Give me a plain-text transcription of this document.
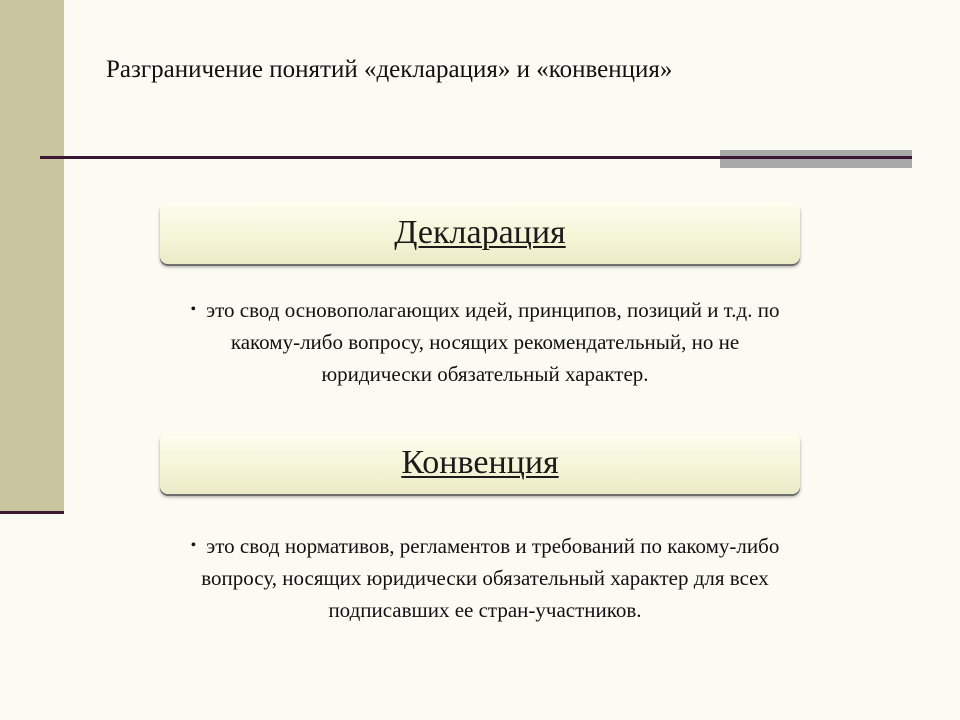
Разграничение понятий «декларация» и «конвенция»
Декларация
• это свод основополагающих идей, принципов, позиций и т.д. по какому-либо вопросу, носящих рекомендательный, но не юридически обязательный характер.
Конвенция
• это свод нормативов, регламентов и требований по какому-либо вопросу, носящих юридически обязательный характер для всех подписавших ее стран-участников.
